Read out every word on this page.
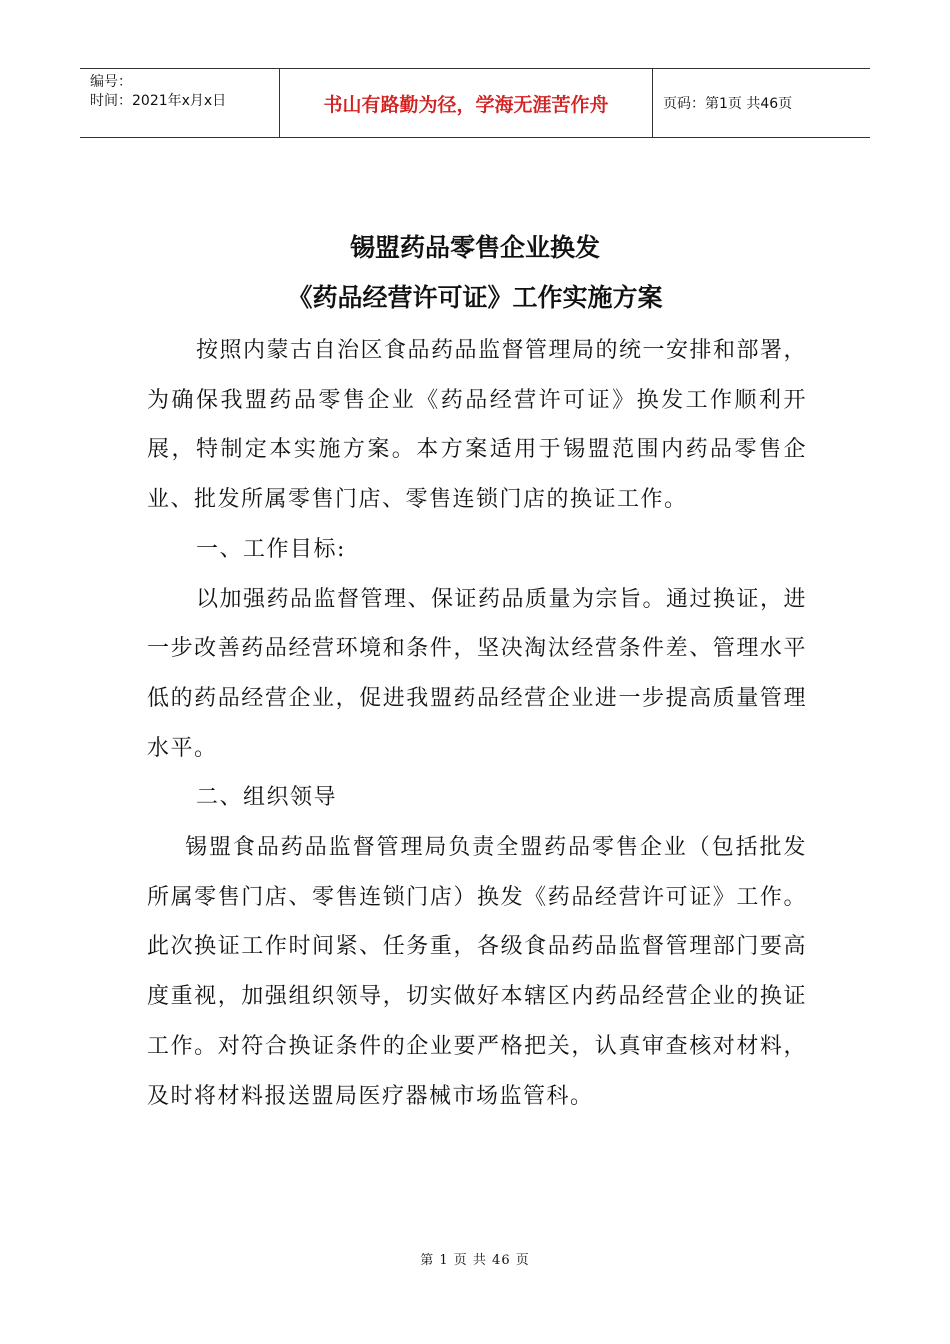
编号：
时间：2021年x月x日	书山有路勤为径，学海无涯苦作舟	页码：第1页 共46页
锡盟药品零售企业换发
《药品经营许可证》工作实施方案

按照内蒙古自治区食品药品监督管理局的统一安排和部署，为确保我盟药品零售企业《药品经营许可证》换发工作顺利开展，特制定本实施方案。本方案适用于锡盟范围内药品零售企业、批发所属零售门店、零售连锁门店的换证工作。

一、工作目标:

以加强药品监督管理、保证药品质量为宗旨。通过换证，进一步改善药品经营环境和条件，坚决淘汰经营条件差、管理水平低的药品经营企业，促进我盟药品经营企业进一步提高质量管理水平。

二、组织领导

锡盟食品药品监督管理局负责全盟药品零售企业（包括批发所属零售门店、零售连锁门店）换发《药品经营许可证》工作。此次换证工作时间紧、任务重，各级食品药品监督管理部门要高度重视，加强组织领导，切实做好本辖区内药品经营企业的换证工作。对符合换证条件的企业要严格把关，认真审查核对材料，及时将材料报送盟局医疗器械市场监管科。

第 1 页 共 46 页
